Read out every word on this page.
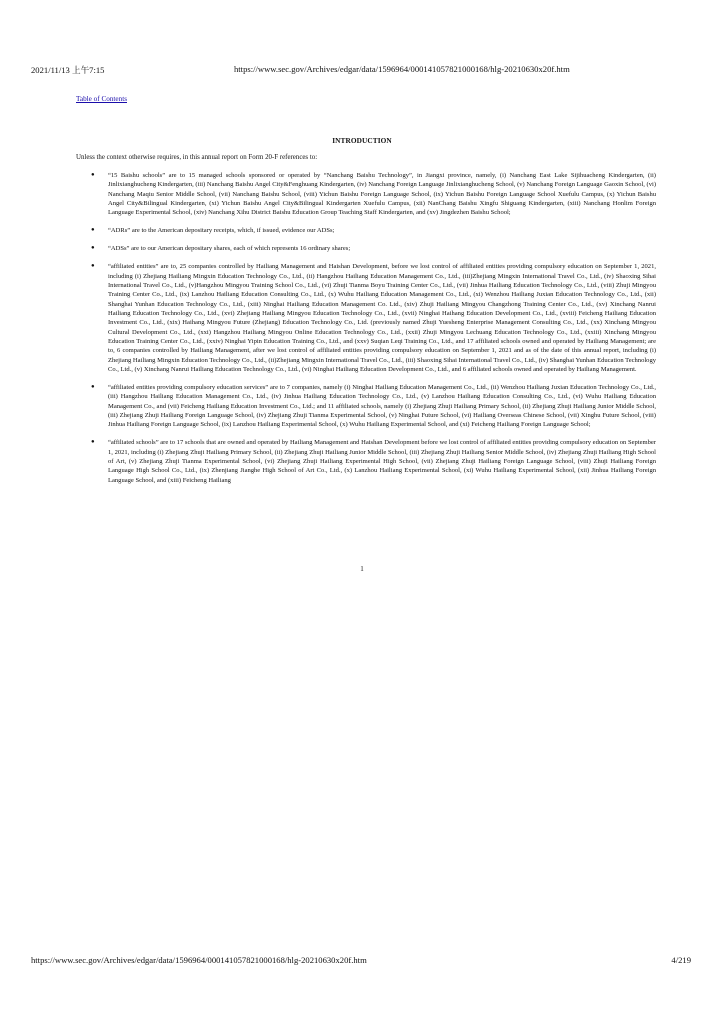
2021/11/13 上午7:15	https://www.sec.gov/Archives/edgar/data/1596964/000141057821000168/hlg-20210630x20f.htm
Table of Contents
INTRODUCTION
Unless the context otherwise requires, in this annual report on Form 20-F references to:
● “15 Baishu schools” are to 15 managed schools sponsored or operated by “Nanchang Baishu Technology”, in Jiangxi province, namely, (i) Nanchang East Lake Sijihuacheng Kindergarten, (ii) Jinlixianghucheng Kindergarten, (iii) Nanchang Baishu Angel City&Fenghuang Kindergarten, (iv) Nanchang Foreign Language Jinlixianghucheng School, (v) Nanchang Foreign Language Gaoxin School, (vi) Nanchang Maqiu Senior Middle School, (vii) Nanchang Baishu School, (viii) Yichun Baishu Foreign Language School, (ix) Yichun Baishu Foreign Language School Xuefulu Campus, (x) Yichun Baishu Angel City&Bilingual Kindergarten, (xi) Yichun Baishu Angel City&Bilingual Kindergarten Xuefulu Campus, (xii) NanChang Baishu Xingfu Shiguang Kindergarten, (xiii) Nanchang Honlim Foreign Language Experimental School, (xiv) Nanchang Xihu District Baishu Education Group Teaching Staff Kindergarten, and (xv) Jingdezhen Baishu School;
● “ADRs” are to the American depositary receipts, which, if issued, evidence our ADSs;
● “ADSs” are to our American depositary shares, each of which represents 16 ordinary shares;
● “affiliated entities” are to, 25 companies controlled by Hailiang Management and Haishan Development, before we lost control of affiliated entities providing compulsory education on September 1, 2021, including (i) Zhejiang Hailiang Mingxin Education Technology Co., Ltd., (ii) Hangzhou Hailiang Education Management Co., Ltd., (iii)Zhejiang Mingxin International Travel Co., Ltd., (iv) Shaoxing Sihai International Travel Co., Ltd., (v)Hangzhou Mingyou Training School Co., Ltd., (vi) Zhuji Tianma Boyu Training Center Co., Ltd., (vii) Jinhua Hailiang Education Technology Co., Ltd., (viii) Zhuji Mingyou Training Center Co., Ltd., (ix) Lanzhou Hailiang Education Consulting Co., Ltd., (x) Wuhu Hailiang Education Management Co., Ltd., (xi) Wenzhou Hailiang Juxian Education Technology Co., Ltd., (xii) Shanghai Yunhan Education Technology Co., Ltd., (xiii) Ninghai Hailiang Education Management Co. Ltd., (xiv) Zhuji Hailiang Mingyou Changzhong Training Center Co., Ltd., (xv) Xinchang Nanrui Hailiang Education Technology Co., Ltd., (xvi) Zhejiang Hailiang Mingyou Education Technology Co., Ltd., (xvii) Ninghai Haihang Education Development Co., Ltd., (xviii) Feicheng Hailiang Education Investment Co., Ltd., (xix) Haihang Mingyou Future (Zhejiang) Education Technology Co., Ltd. (previously named Zhuji Yuesheng Enterprise Management Consulting Co., Ltd., (xx) Xinchang Mingyou Cultural Development Co., Ltd., (xxi) Hangzhou Hailiang Mingyou Online Education Technology Co., Ltd., (xxii) Zhuji Mingyou Lechuang Education Technology Co., Ltd., (xxiii) Xinchang Mingyou Education Training Center Co., Ltd., (xxiv) Ninghai Yipin Education Training Co., Ltd., and (xxv) Suqian Leqi Training Co., Ltd., and 17 affiliated schools owned and operated by Hailiang Management; are to, 6 companies controlled by Hailiang Management, after we lost control of affiliated entities providing compulsory education on September 1, 2021 and as of the date of this annual report, including (i) Zhejiang Hailiang Mingxin Education Technology Co., Ltd., (ii)Zhejiang Mingxin International Travel Co., Ltd., (iii) Shaoxing Sihai International Travel Co., Ltd., (iv) Shanghai Yunhan Education Technology Co., Ltd., (v) Xinchang Nanrui Hailiang Education Technology Co., Ltd., (vi) Ninghai Hailiang Education Development Co., Ltd., and 6 affiliated schools owned and operated by Hailiang Management.
● “affiliated entities providing compulsory education services” are to 7 companies, namely (i) Ninghai Hailiang Education Management Co., Ltd., (ii) Wenzhou Hailiang Juxian Education Technology Co., Ltd., (iii) Hangzhou Hailiang Education Management Co., Ltd., (iv) Jinhua Hailiang Education Technology Co., Ltd., (v) Lanzhou Hailiang Education Consulting Co., Ltd., (vi) Wuhu Hailiang Education Management Co., and (vii) Feicheng Hailiang Education Investment Co., Ltd.; and 11 affiliated schools, namely (i) Zhejiang Zhuji Hailiang Primary School, (ii) Zhejiang Zhuji Hailiang Junior Middle School, (iii) Zhejiang Zhuji Hailiang Foreign Language School, (iv) Zhejiang Zhuji Tianma Experimental School, (v) Ninghai Future School, (vi) Hailiang Overseas Chinese School, (vii) Xinghu Future School, (viii) Jinhua Hailiang Foreign Language School, (ix) Lanzhou Hailiang Experimental School, (x) Wuhu Hailiang Experimental School, and (xi) Feicheng Hailiang Foreign Language School;
● “affiliated schools” are to 17 schools that are owned and operated by Hailiang Management and Haishan Development before we lost control of affiliated entities providing compulsory education on September 1, 2021, including (i) Zhejiang Zhuji Hailiang Primary School, (ii) Zhejiang Zhuji Hailiang Junior Middle School, (iii) Zhejiang Zhuji Hailiang Senior Middle School, (iv) Zhejiang Zhuji Hailiang High School of Art, (v) Zhejiang Zhuji Tianma Experimental School, (vi) Zhejiang Zhuji Hailiang Experimental High School, (vii) Zhejiang Zhuji Hailiang Foreign Language School, (viii) Zhuji Hailiang Foreign Language High School Co., Ltd., (ix) Zhenjiang Jianghe High School of Art Co., Ltd., (x) Lanzhou Hailiang Experimental School, (xi) Wuhu Hailiang Experimental School, (xii) Jinhua Hailiang Foreign Language School, and (xiii) Feicheng Hailiang
1
https://www.sec.gov/Archives/edgar/data/1596964/000141057821000168/hlg-20210630x20f.htm	4/219
